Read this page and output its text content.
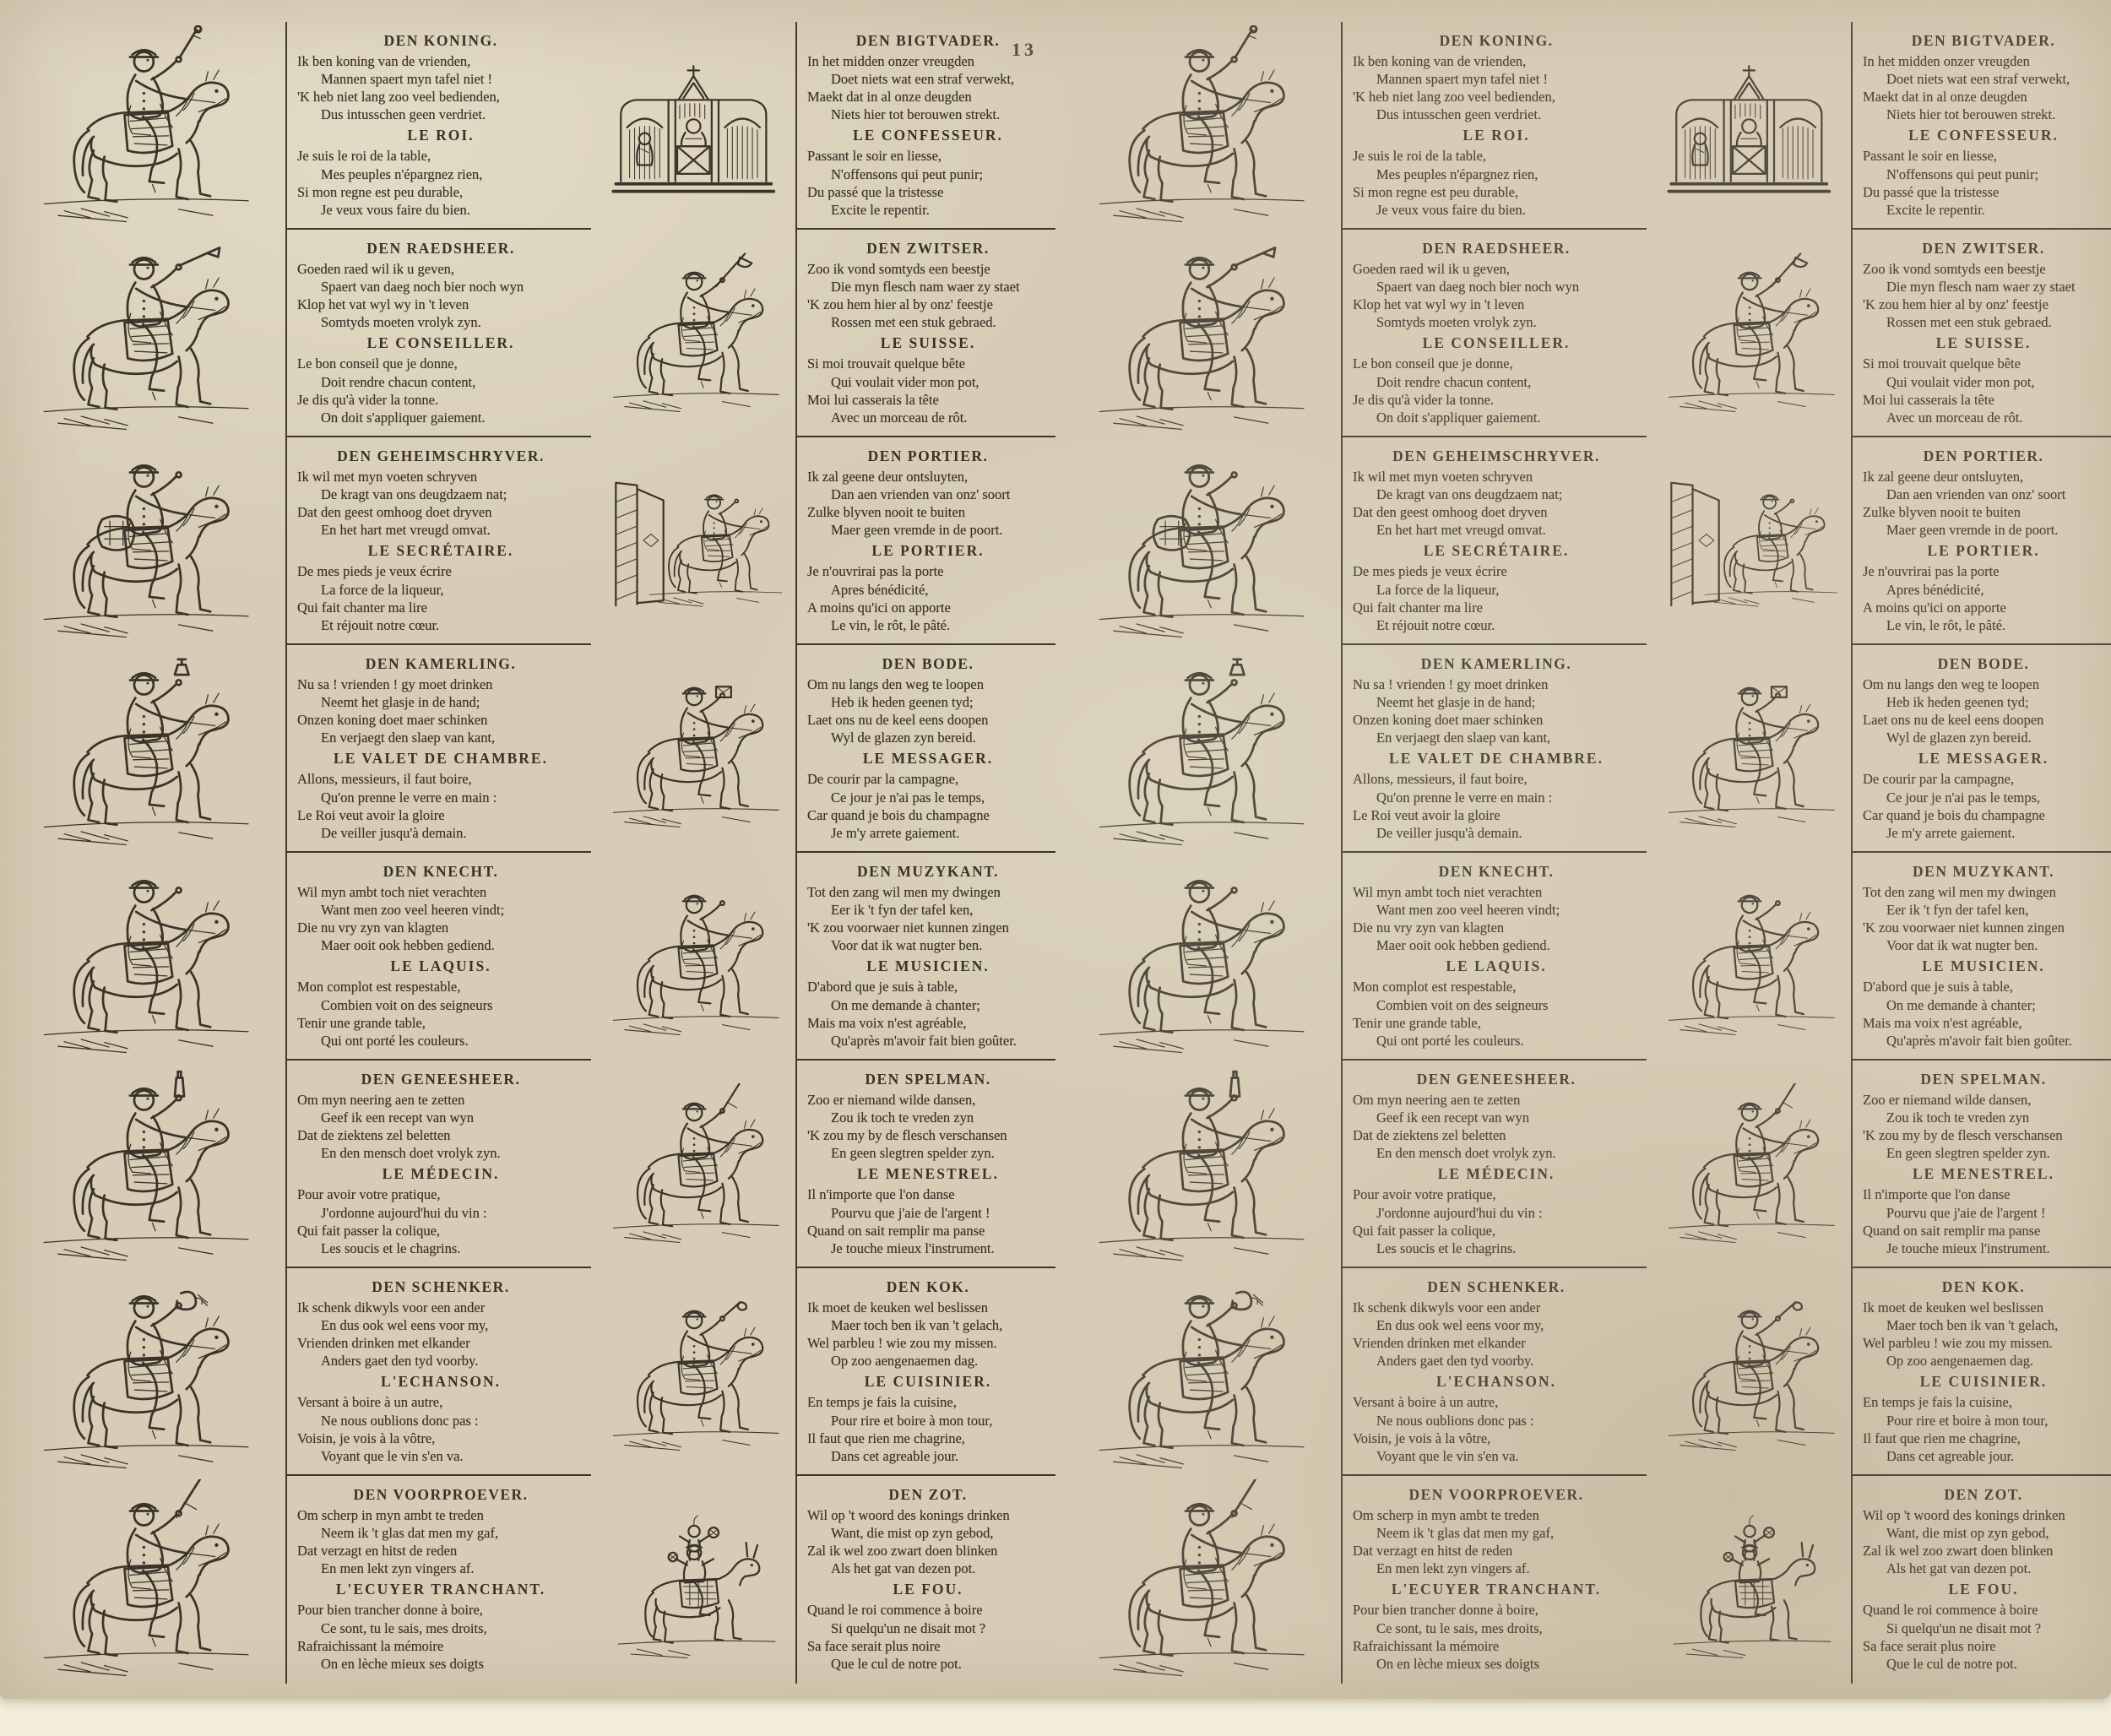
13
DEN KONING.
Ik ben koning van de vrienden,
Mannen spaert myn tafel niet !
'K heb niet lang zoo veel bedienden,
Dus intusschen geen verdriet.
LE ROI.
Je suis le roi de la table,
Mes peuples n'épargnez rien,
Si mon regne est peu durable,
Je veux vous faire du bien.
DEN BIGTVADER.
In het midden onzer vreugden
Doet niets wat een straf verwekt,
Maekt dat in al onze deugden
Niets hier tot berouwen strekt.
LE CONFESSEUR.
Passant le soir en liesse,
N'offensons qui peut punir;
Du passé que la tristesse
Excite le repentir.
DEN RAEDSHEER.
Goeden raed wil ik u geven,
Spaert van daeg noch bier noch wyn
Klop het vat wyl wy in 't leven
Somtyds moeten vrolyk zyn.
LE CONSEILLER.
Le bon conseil que je donne,
Doit rendre chacun content,
Je dis qu'à vider la tonne.
On doit s'appliquer gaiement.
DEN ZWITSER.
Zoo ik vond somtyds een beestje
Die myn flesch nam waer zy staet
'K zou hem hier al by onz' feestje
Rossen met een stuk gebraed.
LE SUISSE.
Si moi trouvait quelque bête
Qui voulait vider mon pot,
Moi lui casserais la tête
Avec un morceau de rôt.
DEN GEHEIMSCHRYVER.
Ik wil met myn voeten schryven
De kragt van ons deugdzaem nat;
Dat den geest omhoog doet dryven
En het hart met vreugd omvat.
LE SECRÉTAIRE.
De mes pieds je veux écrire
La force de la liqueur,
Qui fait chanter ma lire
Et réjouit notre cœur.
DEN PORTIER.
Ik zal geene deur ontsluyten,
Dan aen vrienden van onz' soort
Zulke blyven nooit te buiten
Maer geen vremde in de poort.
LE PORTIER.
Je n'ouvrirai pas la porte
Apres bénédicité,
A moins qu'ici on apporte
Le vin, le rôt, le pâté.
DEN KAMERLING.
Nu sa ! vrienden ! gy moet drinken
Neemt het glasje in de hand;
Onzen koning doet maer schinken
En verjaegt den slaep van kant,
LE VALET DE CHAMBRE.
Allons, messieurs, il faut boire,
Qu'on prenne le verre en main :
Le Roi veut avoir la gloire
De veiller jusqu'à demain.
DEN BODE.
Om nu langs den weg te loopen
Heb ik heden geenen tyd;
Laet ons nu de keel eens doopen
Wyl de glazen zyn bereid.
LE MESSAGER.
De courir par la campagne,
Ce jour je n'ai pas le temps,
Car quand je bois du champagne
Je m'y arrete gaiement.
DEN KNECHT.
Wil myn ambt toch niet verachten
Want men zoo veel heeren vindt;
Die nu vry zyn van klagten
Maer ooit ook hebben gediend.
LE LAQUIS.
Mon complot est respestable,
Combien voit on des seigneurs
Tenir une grande table,
Qui ont porté les couleurs.
DEN MUZYKANT.
Tot den zang wil men my dwingen
Eer ik 't fyn der tafel ken,
'K zou voorwaer niet kunnen zingen
Voor dat ik wat nugter ben.
LE MUSICIEN.
D'abord que je suis à table,
On me demande à chanter;
Mais ma voix n'est agréable,
Qu'après m'avoir fait bien goûter.
DEN GENEESHEER.
Om myn neering aen te zetten
Geef ik een recept van wyn
Dat de ziektens zel beletten
En den mensch doet vrolyk zyn.
LE MÉDECIN.
Pour avoir votre pratique,
J'ordonne aujourd'hui du vin :
Qui fait passer la colique,
Les soucis et le chagrins.
DEN SPELMAN.
Zoo er niemand wilde dansen,
Zou ik toch te vreden zyn
'K zou my by de flesch verschansen
En geen slegtren spelder zyn.
LE MENESTREL.
Il n'importe que l'on danse
Pourvu que j'aie de l'argent !
Quand on sait remplir ma panse
Je touche mieux l'instrument.
DEN SCHENKER.
Ik schenk dikwyls voor een ander
En dus ook wel eens voor my,
Vrienden drinken met elkander
Anders gaet den tyd voorby.
L'ECHANSON.
Versant à boire à un autre,
Ne nous oublions donc pas :
Voisin, je vois à la vôtre,
Voyant que le vin s'en va.
DEN KOK.
Ik moet de keuken wel beslissen
Maer toch ben ik van 't gelach,
Wel parbleu ! wie zou my missen.
Op zoo aengenaemen dag.
LE CUISINIER.
En temps je fais la cuisine,
Pour rire et boire à mon tour,
Il faut que rien me chagrine,
Dans cet agreable jour.
DEN VOORPROEVER.
Om scherp in myn ambt te treden
Neem ik 't glas dat men my gaf,
Dat verzagt en hitst de reden
En men lekt zyn vingers af.
L'ECUYER TRANCHANT.
Pour bien trancher donne à boire,
Ce sont, tu le sais, mes droits,
Rafraichissant la mémoire
On en lèche mieux ses doigts
DEN ZOT.
Wil op 't woord des konings drinken
Want, die mist op zyn gebod,
Zal ik wel zoo zwart doen blinken
Als het gat van dezen pot.
LE FOU.
Quand le roi commence à boire
Si quelqu'un ne disait mot ?
Sa face serait plus noire
Que le cul de notre pot.
DEN KONING.
Ik ben koning van de vrienden,
Mannen spaert myn tafel niet !
'K heb niet lang zoo veel bedienden,
Dus intusschen geen verdriet.
LE ROI.
Je suis le roi de la table,
Mes peuples n'épargnez rien,
Si mon regne est peu durable,
Je veux vous faire du bien.
DEN BIGTVADER.
In het midden onzer vreugden
Doet niets wat een straf verwekt,
Maekt dat in al onze deugden
Niets hier tot berouwen strekt.
LE CONFESSEUR.
Passant le soir en liesse,
N'offensons qui peut punir;
Du passé que la tristesse
Excite le repentir.
DEN RAEDSHEER.
Goeden raed wil ik u geven,
Spaert van daeg noch bier noch wyn
Klop het vat wyl wy in 't leven
Somtyds moeten vrolyk zyn.
LE CONSEILLER.
Le bon conseil que je donne,
Doit rendre chacun content,
Je dis qu'à vider la tonne.
On doit s'appliquer gaiement.
DEN ZWITSER.
Zoo ik vond somtyds een beestje
Die myn flesch nam waer zy staet
'K zou hem hier al by onz' feestje
Rossen met een stuk gebraed.
LE SUISSE.
Si moi trouvait quelque bête
Qui voulait vider mon pot,
Moi lui casserais la tête
Avec un morceau de rôt.
DEN GEHEIMSCHRYVER.
Ik wil met myn voeten schryven
De kragt van ons deugdzaem nat;
Dat den geest omhoog doet dryven
En het hart met vreugd omvat.
LE SECRÉTAIRE.
De mes pieds je veux écrire
La force de la liqueur,
Qui fait chanter ma lire
Et réjouit notre cœur.
DEN PORTIER.
Ik zal geene deur ontsluyten,
Dan aen vrienden van onz' soort
Zulke blyven nooit te buiten
Maer geen vremde in de poort.
LE PORTIER.
Je n'ouvrirai pas la porte
Apres bénédicité,
A moins qu'ici on apporte
Le vin, le rôt, le pâté.
DEN KAMERLING.
Nu sa ! vrienden ! gy moet drinken
Neemt het glasje in de hand;
Onzen koning doet maer schinken
En verjaegt den slaep van kant,
LE VALET DE CHAMBRE.
Allons, messieurs, il faut boire,
Qu'on prenne le verre en main :
Le Roi veut avoir la gloire
De veiller jusqu'à demain.
DEN BODE.
Om nu langs den weg te loopen
Heb ik heden geenen tyd;
Laet ons nu de keel eens doopen
Wyl de glazen zyn bereid.
LE MESSAGER.
De courir par la campagne,
Ce jour je n'ai pas le temps,
Car quand je bois du champagne
Je m'y arrete gaiement.
DEN KNECHT.
Wil myn ambt toch niet verachten
Want men zoo veel heeren vindt;
Die nu vry zyn van klagten
Maer ooit ook hebben gediend.
LE LAQUIS.
Mon complot est respestable,
Combien voit on des seigneurs
Tenir une grande table,
Qui ont porté les couleurs.
DEN MUZYKANT.
Tot den zang wil men my dwingen
Eer ik 't fyn der tafel ken,
'K zou voorwaer niet kunnen zingen
Voor dat ik wat nugter ben.
LE MUSICIEN.
D'abord que je suis à table,
On me demande à chanter;
Mais ma voix n'est agréable,
Qu'après m'avoir fait bien goûter.
DEN GENEESHEER.
Om myn neering aen te zetten
Geef ik een recept van wyn
Dat de ziektens zel beletten
En den mensch doet vrolyk zyn.
LE MÉDECIN.
Pour avoir votre pratique,
J'ordonne aujourd'hui du vin :
Qui fait passer la colique,
Les soucis et le chagrins.
DEN SPELMAN.
Zoo er niemand wilde dansen,
Zou ik toch te vreden zyn
'K zou my by de flesch verschansen
En geen slegtren spelder zyn.
LE MENESTREL.
Il n'importe que l'on danse
Pourvu que j'aie de l'argent !
Quand on sait remplir ma panse
Je touche mieux l'instrument.
DEN SCHENKER.
Ik schenk dikwyls voor een ander
En dus ook wel eens voor my,
Vrienden drinken met elkander
Anders gaet den tyd voorby.
L'ECHANSON.
Versant à boire à un autre,
Ne nous oublions donc pas :
Voisin, je vois à la vôtre,
Voyant que le vin s'en va.
DEN KOK.
Ik moet de keuken wel beslissen
Maer toch ben ik van 't gelach,
Wel parbleu ! wie zou my missen.
Op zoo aengenaemen dag.
LE CUISINIER.
En temps je fais la cuisine,
Pour rire et boire à mon tour,
Il faut que rien me chagrine,
Dans cet agreable jour.
DEN VOORPROEVER.
Om scherp in myn ambt te treden
Neem ik 't glas dat men my gaf,
Dat verzagt en hitst de reden
En men lekt zyn vingers af.
L'ECUYER TRANCHANT.
Pour bien trancher donne à boire,
Ce sont, tu le sais, mes droits,
Rafraichissant la mémoire
On en lèche mieux ses doigts
DEN ZOT.
Wil op 't woord des konings drinken
Want, die mist op zyn gebod,
Zal ik wel zoo zwart doen blinken
Als het gat van dezen pot.
LE FOU.
Quand le roi commence à boire
Si quelqu'un ne disait mot ?
Sa face serait plus noire
Que le cul de notre pot.
